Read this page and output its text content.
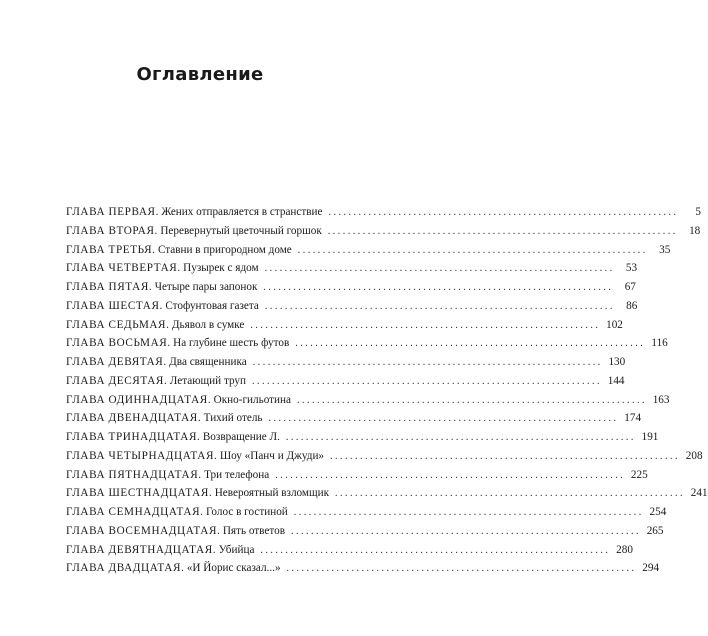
Оглавление
ГЛАВА ПЕРВАЯ . Жених отправляется в странствие . . .	5
ГЛАВА ВТОРАЯ . Перевернутый цветочный горшок . . .	18
ГЛАВА ТРЕТЬЯ . Ставни в пригородном доме . . .	35
ГЛАВА ЧЕТВЕРТАЯ . Пузырек с ядом . . .	53
ГЛАВА ПЯТАЯ . Четыре пары запонок . . .	67
ГЛАВА ШЕСТАЯ . Стофунтовая газета . . .	86
ГЛАВА СЕДЬМАЯ . Дьявол в сумке . . .	102
ГЛАВА ВОСЬМАЯ . На глубине шесть футов . . .	116
ГЛАВА ДЕВЯТАЯ . Два священника . . .	130
ГЛАВА ДЕСЯТАЯ . Летающий труп . . .	144
ГЛАВА ОДИННАДЦАТАЯ . Окно-гильотина . . .	163
ГЛАВА ДВЕНАДЦАТАЯ . Тихий отель . . .	174
ГЛАВА ТРИНАДЦАТАЯ . Возвращение Л. . . .	191
ГЛАВА ЧЕТЫРНАДЦАТАЯ . Шоу «Панч и Джуди» . . .	208
ГЛАВА ПЯТНАДЦАТАЯ . Три телефона . . .	225
ГЛАВА ШЕСТНАДЦАТАЯ . Невероятный взломщик . . .	241
ГЛАВА СЕМНАДЦАТАЯ . Голос в гостиной . . .	254
ГЛАВА ВОСЕМНАДЦАТАЯ . Пять ответов . . .	265
ГЛАВА ДЕВЯТНАДЦАТАЯ . Убийца . . .	280
ГЛАВА ДВАДЦАТАЯ . «И Йорис сказал...» . . .	294
